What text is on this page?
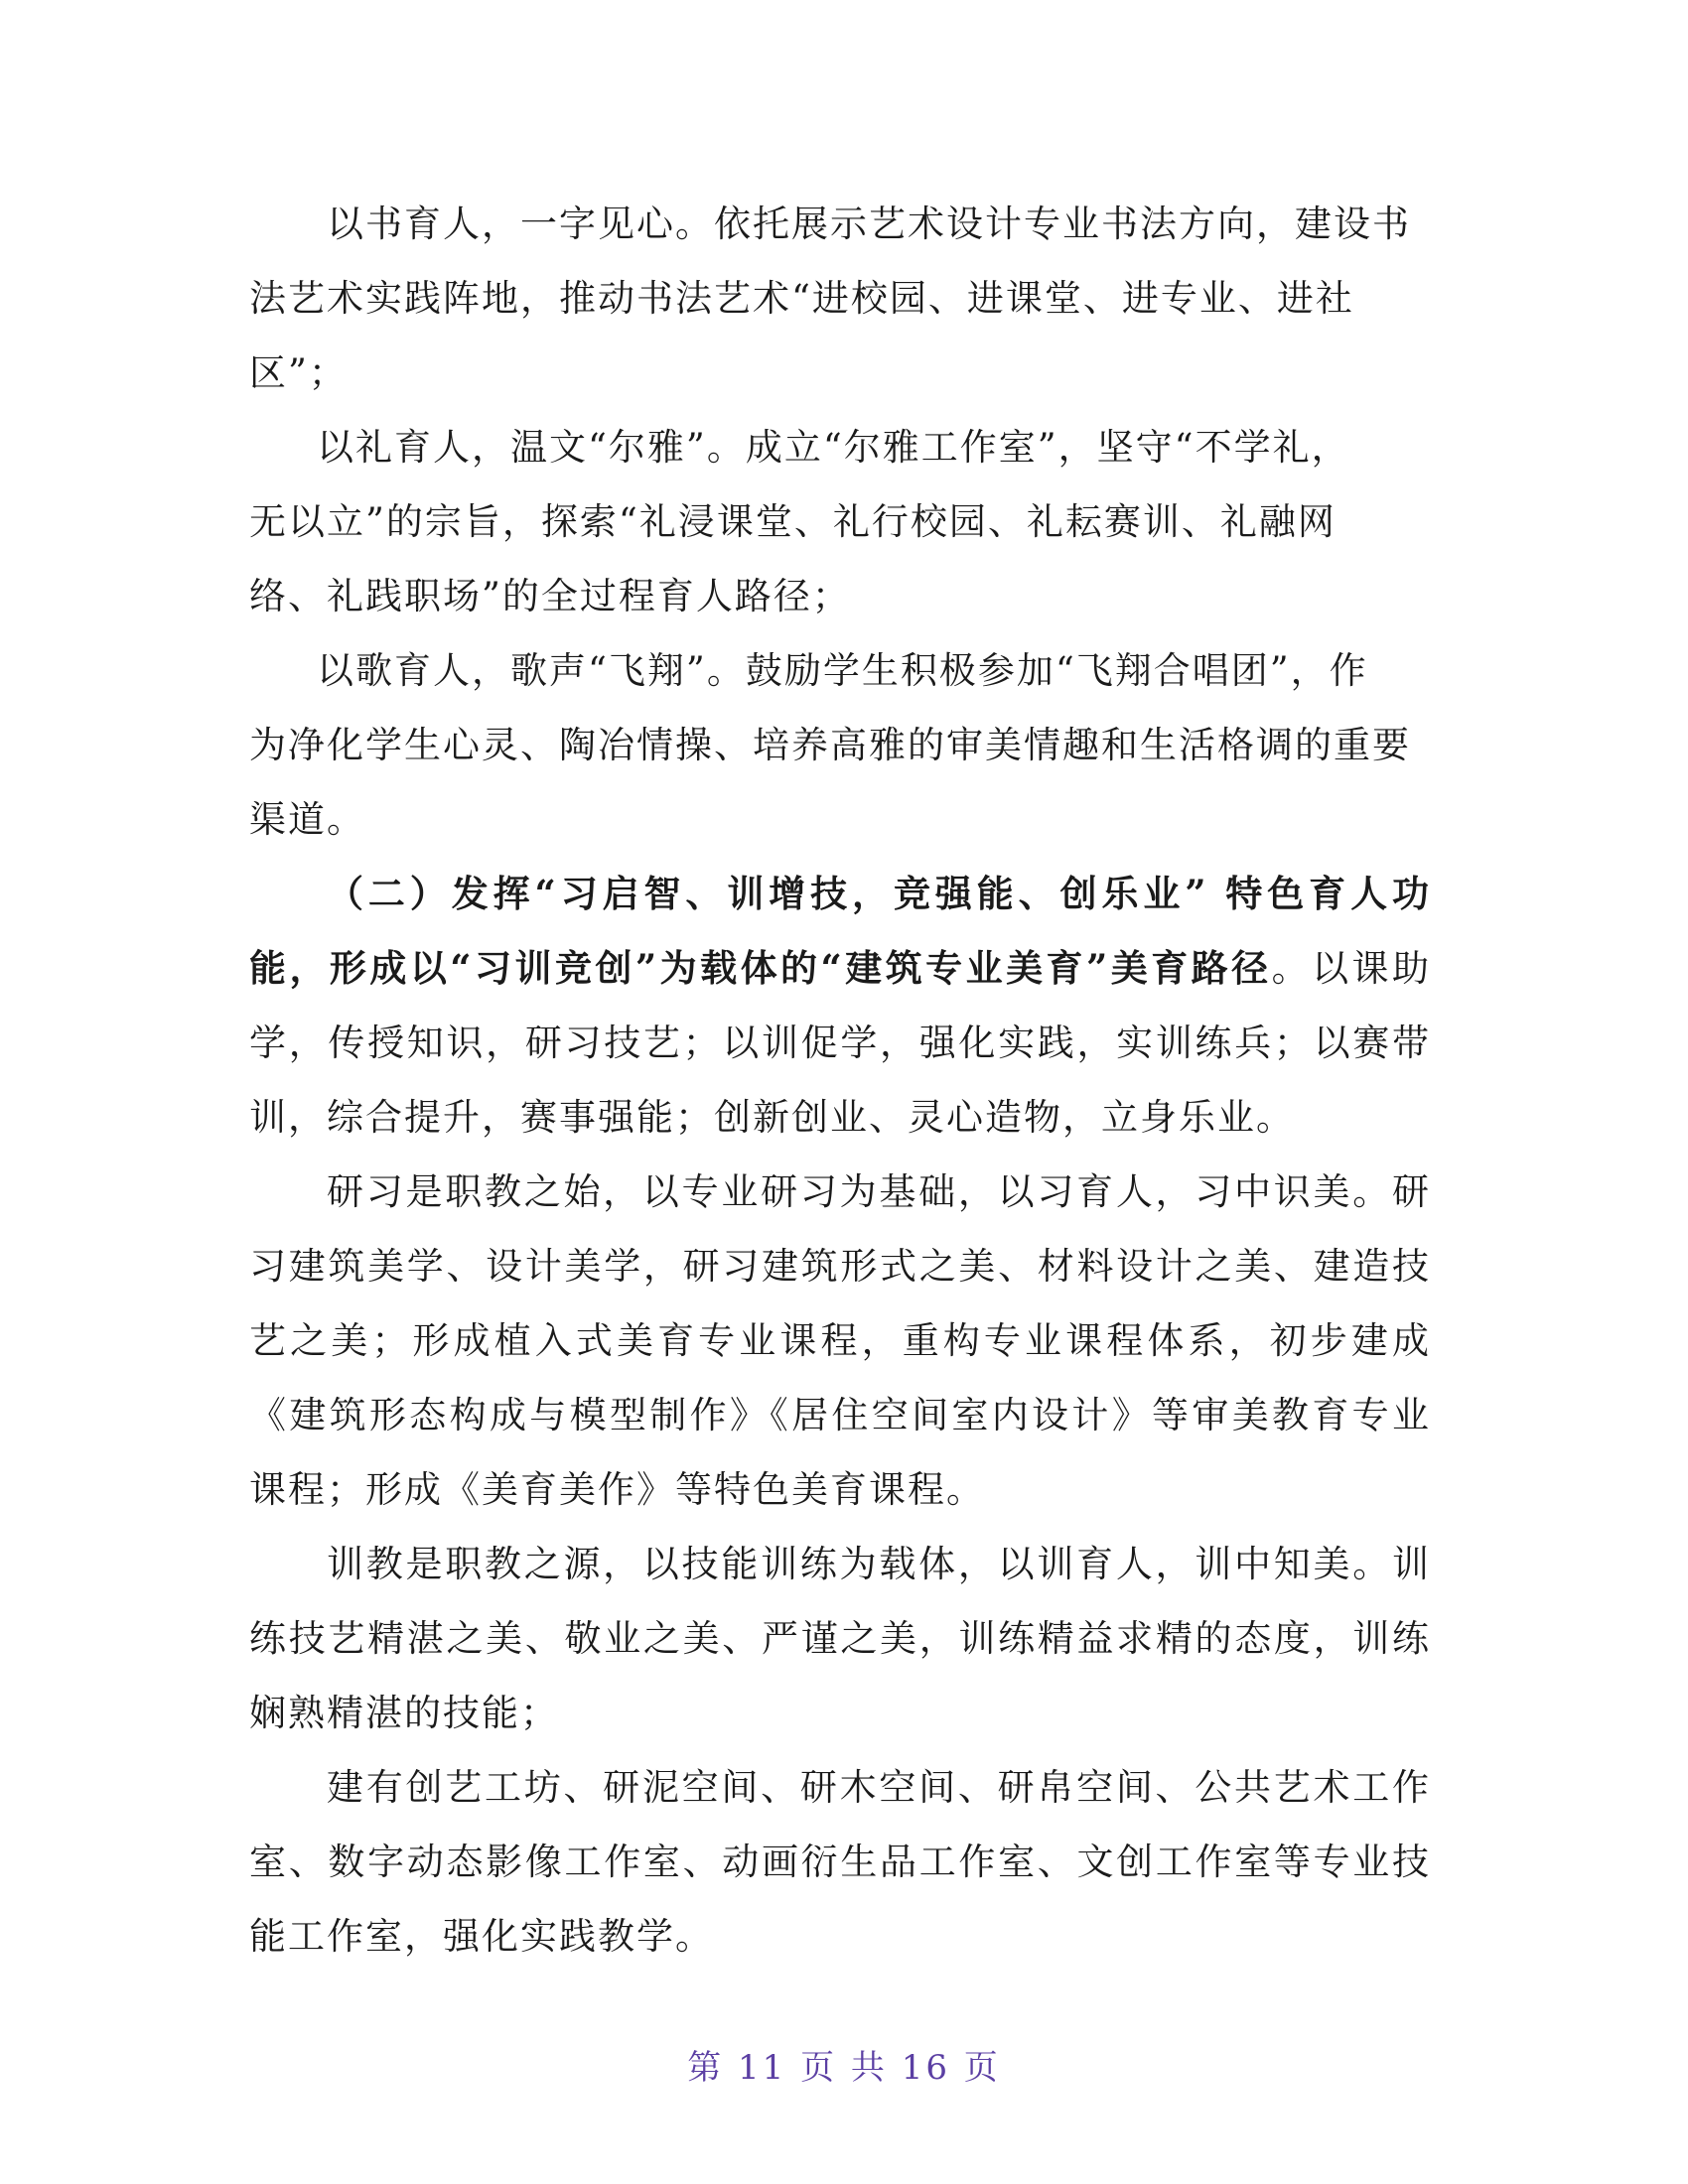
以书育人，一字见心。依托展示艺术设计专业书法方向，建设书
法艺术实践阵地，推动书法艺术“进校园、进课堂、进专业、进社
区”；

以礼育人，温文“尔雅”。成立“尔雅工作室”，坚守“不学礼，
无以立”的宗旨，探索“礼浸课堂、礼行校园、礼耘赛训、礼融网
络、礼践职场”的全过程育人路径；

以歌育人，歌声“飞翔”。鼓励学生积极参加“飞翔合唱团”，作
为净化学生心灵、陶冶情操、培养高雅的审美情趣和生活格调的重要
渠道。

（二）发挥“习启智、训增技，竞强能、创乐业” 特色育人功能，形成以“习训竞创”为载体的“建筑专业美育”美育路径。以课助学，传授知识，研习技艺；以训促学，强化实践，实训练兵；以赛带训，综合提升，赛事强能；创新创业、灵心造物，立身乐业。

研习是职教之始，以专业研习为基础，以习育人，习中识美。研习建筑美学、设计美学，研习建筑形式之美、材料设计之美、建造技艺之美；形成植入式美育专业课程，重构专业课程体系，初步建成《建筑形态构成与模型制作》《居住空间室内设计》等审美教育专业课程；形成《美育美作》等特色美育课程。

训教是职教之源，以技能训练为载体，以训育人，训中知美。训练技艺精湛之美、敬业之美、严谨之美，训练精益求精的态度，训练娴熟精湛的技能；

建有创艺工坊、研泥空间、研木空间、研帛空间、公共艺术工作室、数字动态影像工作室、动画衍生品工作室、文创工作室等专业技能工作室，强化实践教学。

第 11 页 共 16 页
